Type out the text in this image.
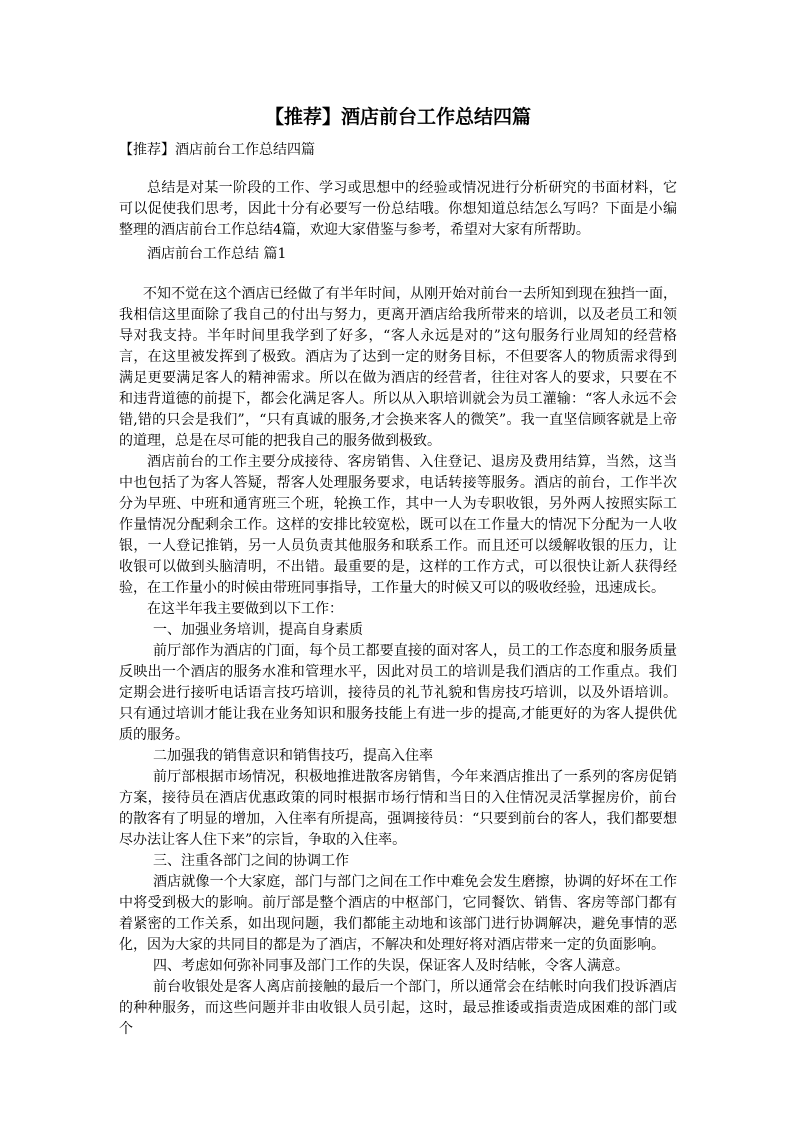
【推荐】酒店前台工作总结四篇

【推荐】酒店前台工作总结四篇

总结是对某一阶段的工作、学习或思想中的经验或情况进行分析研究的书面材料，它可以促使我们思考，因此十分有必要写一份总结哦。你想知道总结怎么写吗？下面是小编整理的酒店前台工作总结4篇，欢迎大家借鉴与参考，希望对大家有所帮助。

酒店前台工作总结 篇1

不知不觉在这个酒店已经做了有半年时间，从刚开始对前台一去所知到现在独挡一面，我相信这里面除了我自己的付出与努力，更离开酒店给我所带来的培训，以及老员工和领导对我支持。半年时间里我学到了好多，“客人永远是对的”这句服务行业周知的经营格言，在这里被发挥到了极致。酒店为了达到一定的财务目标，不但要客人的物质需求得到满足更要满足客人的精神需求。所以在做为酒店的经营者，往往对客人的要求，只要在不和违背道德的前提下，都会化满足客人。所以从入职培训就会为员工灌输：“客人永远不会错,错的只会是我们”，“只有真诚的服务,才会换来客人的微笑”。我一直坚信顾客就是上帝的道理，总是在尽可能的把我自己的服务做到极致。

酒店前台的工作主要分成接待、客房销售、入住登记、退房及费用结算，当然，这当中也包括了为客人答疑，帮客人处理服务要求，电话转接等服务。酒店的前台，工作半次分为早班、中班和通宵班三个班，轮换工作，其中一人为专职收银，另外两人按照实际工作量情况分配剩余工作。这样的安排比较宽松，既可以在工作量大的情况下分配为一人收银，一人登记推销，另一人员负责其他服务和联系工作。而且还可以缓解收银的压力，让收银可以做到头脑清明，不出错。最重要的是，这样的工作方式，可以很快让新人获得经验，在工作量小的时候由带班同事指导，工作量大的时候又可以的吸收经验，迅速成长。

在这半年我主要做到以下工作：

一、加强业务培训，提高自身素质

前厅部作为酒店的门面，每个员工都要直接的面对客人，员工的工作态度和服务质量反映出一个酒店的服务水准和管理水平，因此对员工的培训是我们酒店的工作重点。我们定期会进行接听电话语言技巧培训，接待员的礼节礼貌和售房技巧培训，以及外语培训。只有通过培训才能让我在业务知识和服务技能上有进一步的提高,才能更好的为客人提供优质的服务。

二加强我的销售意识和销售技巧，提高入住率

前厅部根据市场情况，积极地推进散客房销售，今年来酒店推出了一系列的客房促销方案，接待员在酒店优惠政策的同时根据市场行情和当日的入住情况灵活掌握房价，前台的散客有了明显的增加，入住率有所提高，强调接待员：“只要到前台的客人，我们都要想尽办法让客人住下来”的宗旨，争取的入住率。

三、注重各部门之间的协调工作

酒店就像一个大家庭，部门与部门之间在工作中难免会发生磨擦，协调的好坏在工作中将受到极大的影响。前厅部是整个酒店的中枢部门，它同餐饮、销售、客房等部门都有着紧密的工作关系，如出现问题，我们都能主动地和该部门进行协调解决，避免事情的恶化，因为大家的共同目的都是为了酒店，不解决和处理好将对酒店带来一定的负面影响。

四、考虑如何弥补同事及部门工作的失误，保证客人及时结帐，令客人满意。

前台收银处是客人离店前接触的最后一个部门，所以通常会在结帐时向我们投诉酒店的种种服务，而这些问题并非由收银人员引起，这时，最忌推诿或指责造成困难的部门或个
